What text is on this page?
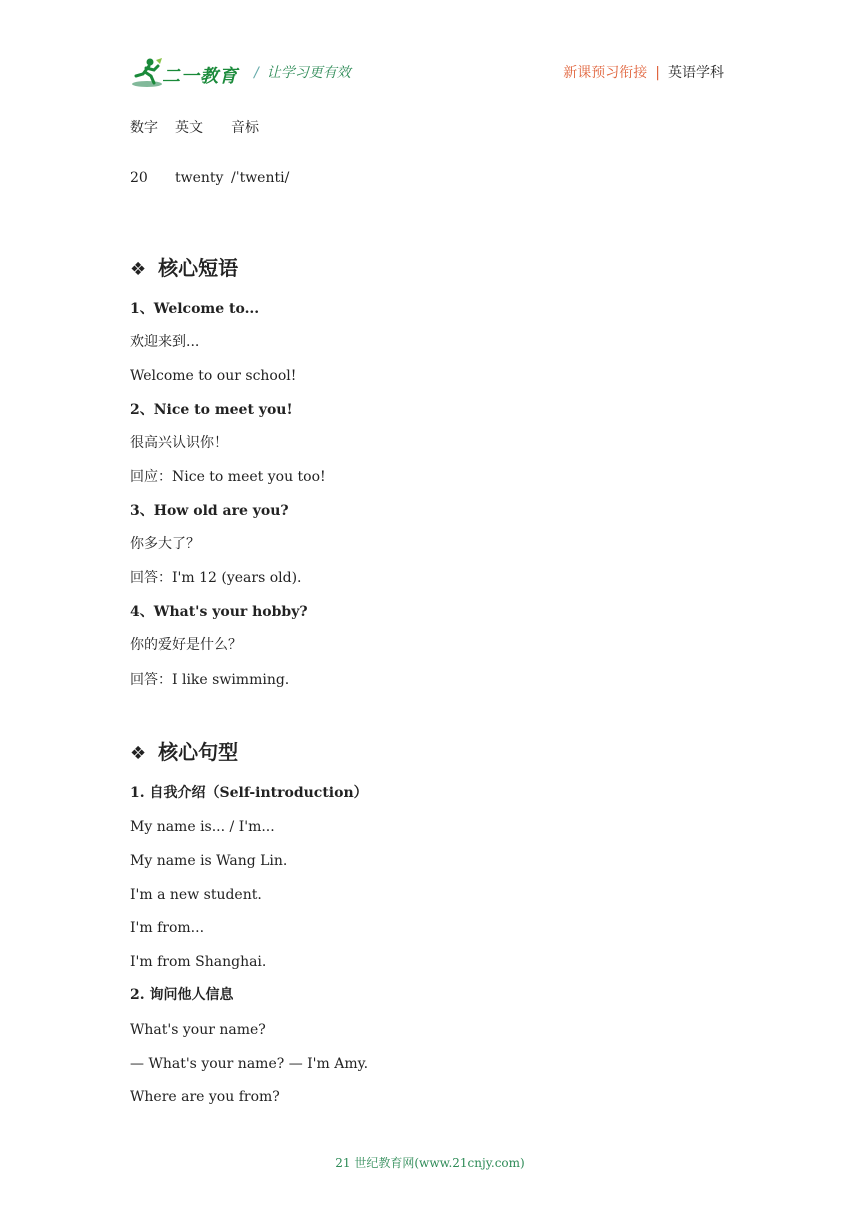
二一教育 / 让学习更有效	新课预习衔接 | 英语学科
数字 英文 音标
20 twenty /ˈtwenti/
❖ 核心短语
1、Welcome to...
欢迎来到...
Welcome to our school!
2、Nice to meet you!
很高兴认识你！
回应：Nice to meet you too!
3、How old are you?
你多大了？
回答：I'm 12 (years old).
4、What's your hobby?
你的爱好是什么？
回答：I like swimming.
❖ 核心句型
1. 自我介绍（Self-introduction）
My name is... / I'm...
My name is Wang Lin.
I'm a new student.
I'm from...
I'm from Shanghai.
2. 询问他人信息
What's your name?
— What's your name? — I'm Amy.
Where are you from?
21 世纪教育网(www.21cnjy.com)
